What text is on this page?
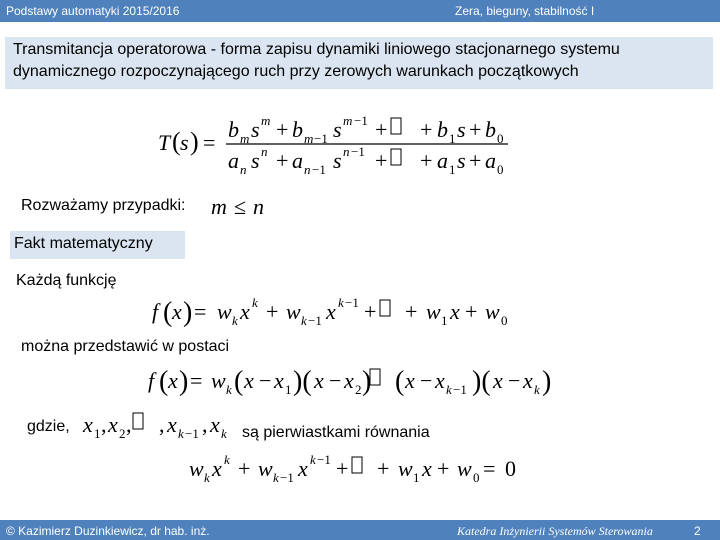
Podstawy automatyki 2015/2016	Zera, bieguny, stabilność I
Transmitancja operatorowa - forma zapisu dynamiki liniowego stacjonarnego systemu
dynamicznego rozpoczynającego ruch przy zerowych warunkach początkowych
Rozważamy przypadki:
Fakt matematyczny
Każdą funkcję
można przedstawić w postaci
gdzie,	są pierwiastkami równania
T ( s ) =
b m s m + b m −1 s m −1 + + b 1 s + b 0
a n s n + a n −1 s n −1 + + a 1 s + a 0
m ≤ n
f ( x ) = w k x k + w k −1 x k −1 + + w 1 x + w 0
f ( x ) = w k ( x − x 1 )( x − x 2 ) ( x − x k −1 )( x − x k )
x 1 , x 2 , , x k −1 , x k
w k x k + w k −1 x k −1 + + w 1 x + w 0 = 0
© Kazimierz Duzinkiewicz, dr hab. inż.	Katedra Inżynierii Systemów Sterowania	2
